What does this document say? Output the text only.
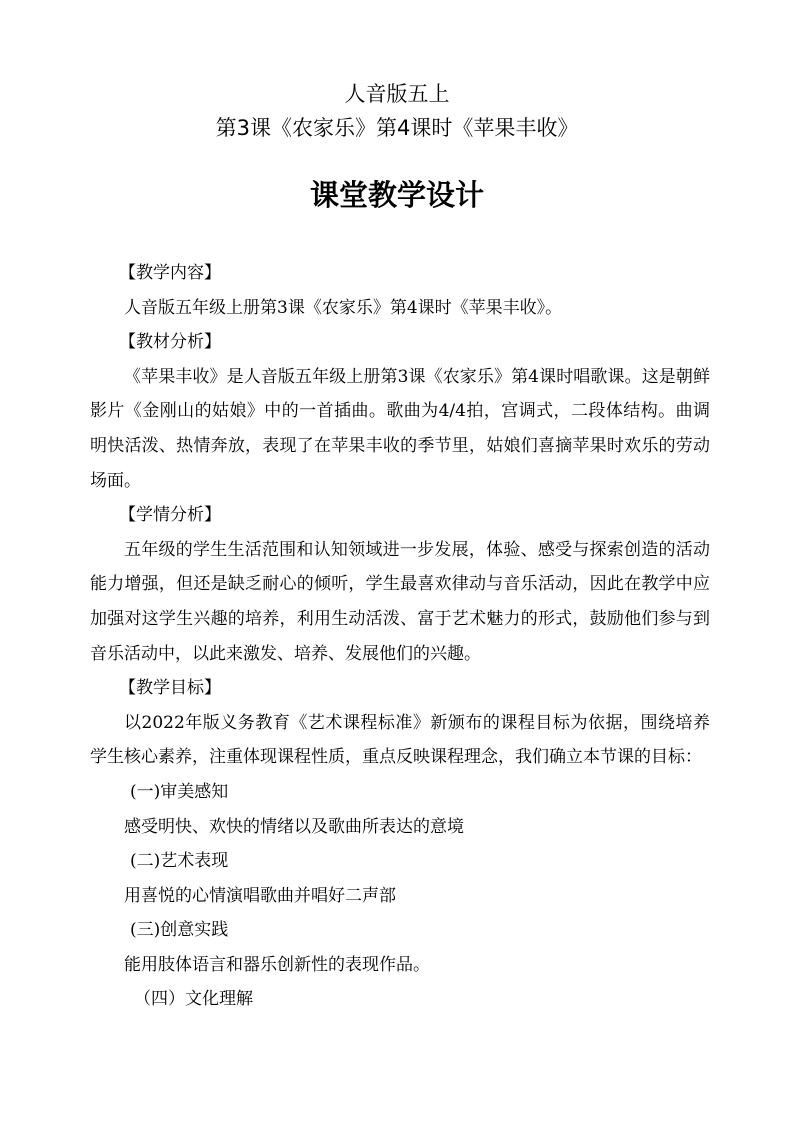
人音版五上
第3课《农家乐》第4课时《苹果丰收》
课堂教学设计

【教学内容】

人音版五年级上册第3课《农家乐》第4课时《苹果丰收》。

【教材分析】

《苹果丰收》是人音版五年级上册第3课《农家乐》第4课时唱歌课。这是朝鲜影片《金刚山的姑娘》中的一首插曲。歌曲为4/4拍，宫调式，二段体结构。曲调明快活泼、热情奔放，表现了在苹果丰收的季节里，姑娘们喜摘苹果时欢乐的劳动场面。

【学情分析】

五年级的学生生活范围和认知领域进一步发展，体验、感受与探索创造的活动能力增强，但还是缺乏耐心的倾听，学生最喜欢律动与音乐活动，因此在教学中应加强对这学生兴趣的培养，利用生动活泼、富于艺术魅力的形式，鼓励他们参与到音乐活动中，以此来激发、培养、发展他们的兴趣。

【教学目标】

以2022年版义务教育《艺术课程标准》新颁布的课程目标为依据，围绕培养学生核心素养，注重体现课程性质，重点反映课程理念，我们确立本节课的目标：

(一)审美感知

感受明快、欢快的情绪以及歌曲所表达的意境

(二)艺术表现

用喜悦的心情演唱歌曲并唱好二声部

(三)创意实践

能用肢体语言和器乐创新性的表现作品。

（四）文化理解
